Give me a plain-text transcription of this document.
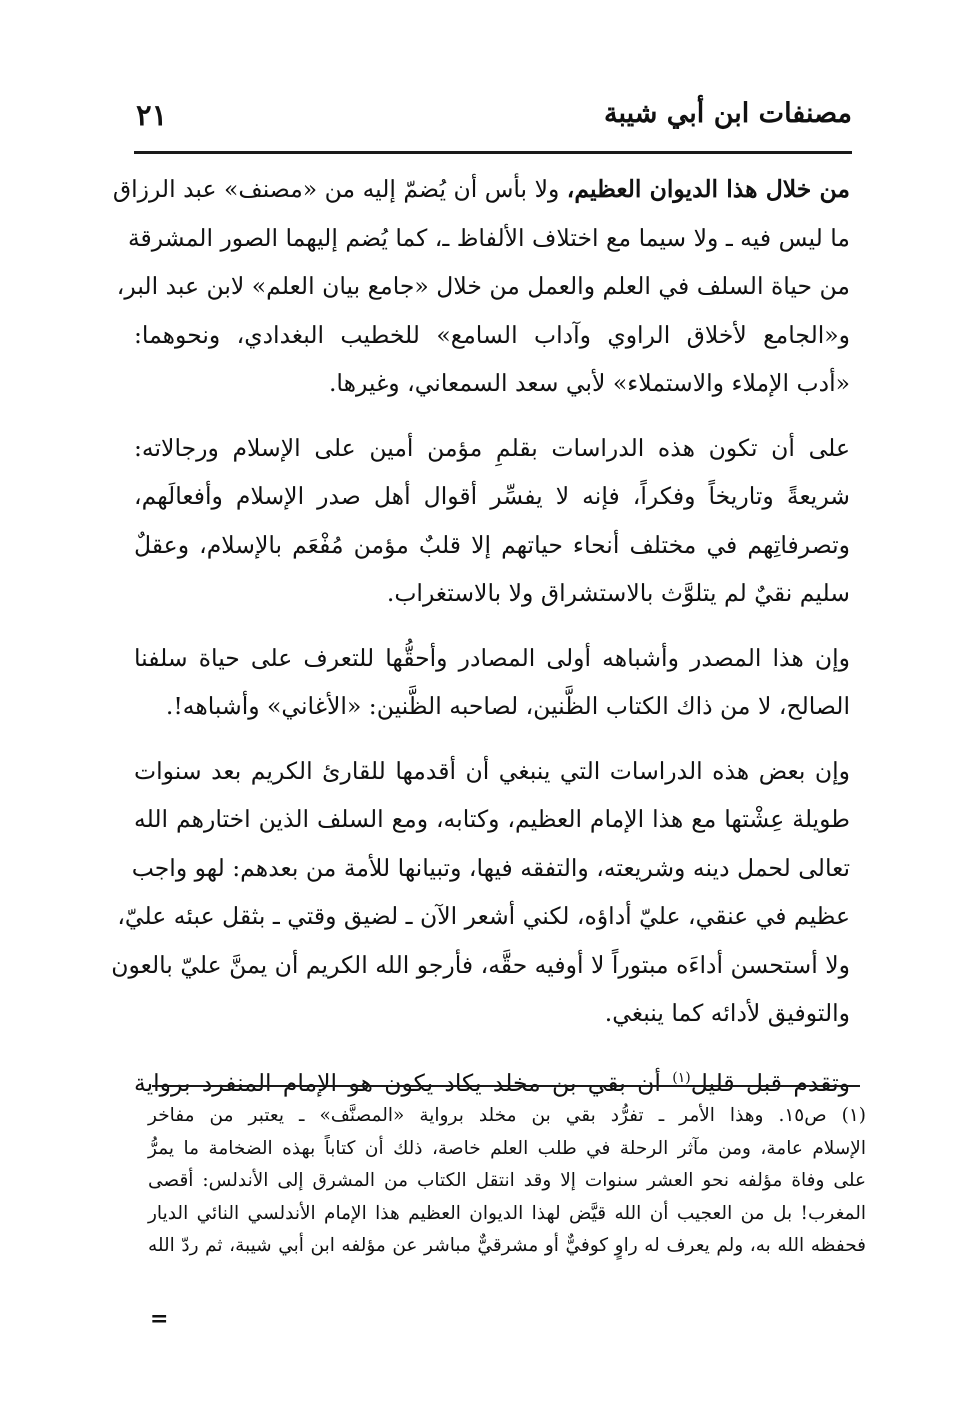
مصنفات ابن أبي شيبة
٢١

من خلال هذا الديوان العظيم، ولا بأس أن يُضمّ إليه من «مصنف» عبد الرزاق
ما ليس فيه ـ ولا سيما مع اختلاف الألفاظ ـ، كما يُضم إليهما الصور المشرقة
من حياة السلف في العلم والعمل من خلال «جامع بيان العلم» لابن عبد البر،
و«الجامع لأخلاق الراوي وآداب السامع» للخطيب البغدادي، ونحوهما:
«أدب الإملاء والاستملاء» لأبي سعد السمعاني، وغيرها.

على أن تكون هذه الدراسات بقلمِ مؤمن أمين على الإسلام ورجالاته:
شريعةً وتاريخاً وفكراً، فإنه لا يفسِّر أقوال أهل صدر الإسلام وأفعالَهم،
وتصرفاتِهم في مختلف أنحاء حياتهم إلا قلبٌ مؤمن مُفْعَم بالإسلام، وعقلٌ
سليم نقيٌ لم يتلوَّث بالاستشراق ولا بالاستغراب.

وإن هذا المصدر وأشباهه أولى المصادر وأحقُّها للتعرف على حياة سلفنا
الصالح، لا من ذاك الكتاب الظَّنين، لصاحبه الظَّنين: «الأغاني» وأشباهه!.

وإن بعض هذه الدراسات التي ينبغي أن أقدمها للقارئ الكريم بعد سنوات
طويلة عِشْتها مع هذا الإمام العظيم، وكتابه، ومع السلف الذين اختارهم الله
تعالى لحمل دينه وشريعته، والتفقه فيها، وتبيانها للأمة من بعدهم: لهو واجب
عظيم في عنقي، عليّ أداؤه، لكني أشعر الآن ـ لضيق وقتي ـ بثقل عبئه عليّ،
ولا أستحسن أداءَه مبتوراً لا أوفيه حقَّه، فأرجو الله الكريم أن يمنَّ عليّ بالعون
والتوفيق لأدائه كما ينبغي.

وتقدم قبل قليل$^{(١)}$ أن بقي بن مخلد يكاد يكون هو الإمام المنفرد برواية

(١) ص١٥. وهذا الأمر ـ تفرُّد بقي بن مخلد برواية «المصنَّف» ـ يعتبر من مفاخر
الإسلام عامة، ومن مآثر الرحلة في طلب العلم خاصة، ذلك أن كتاباً بهذه الضخامة ما يمرُّ
على وفاة مؤلفه نحو العشر سنوات إلا وقد انتقل الكتاب من المشرق إلى الأندلس: أقصى
المغرب! بل من العجيب أن الله قيَّض لهذا الديوان العظيم هذا الإمام الأندلسي النائي الديار
فحفظه الله به، ولم يعرف له راوٍ كوفيٌّ أو مشرقيٌّ مباشر عن مؤلفه ابن أبي شيبة، ثم ردّ الله
=
